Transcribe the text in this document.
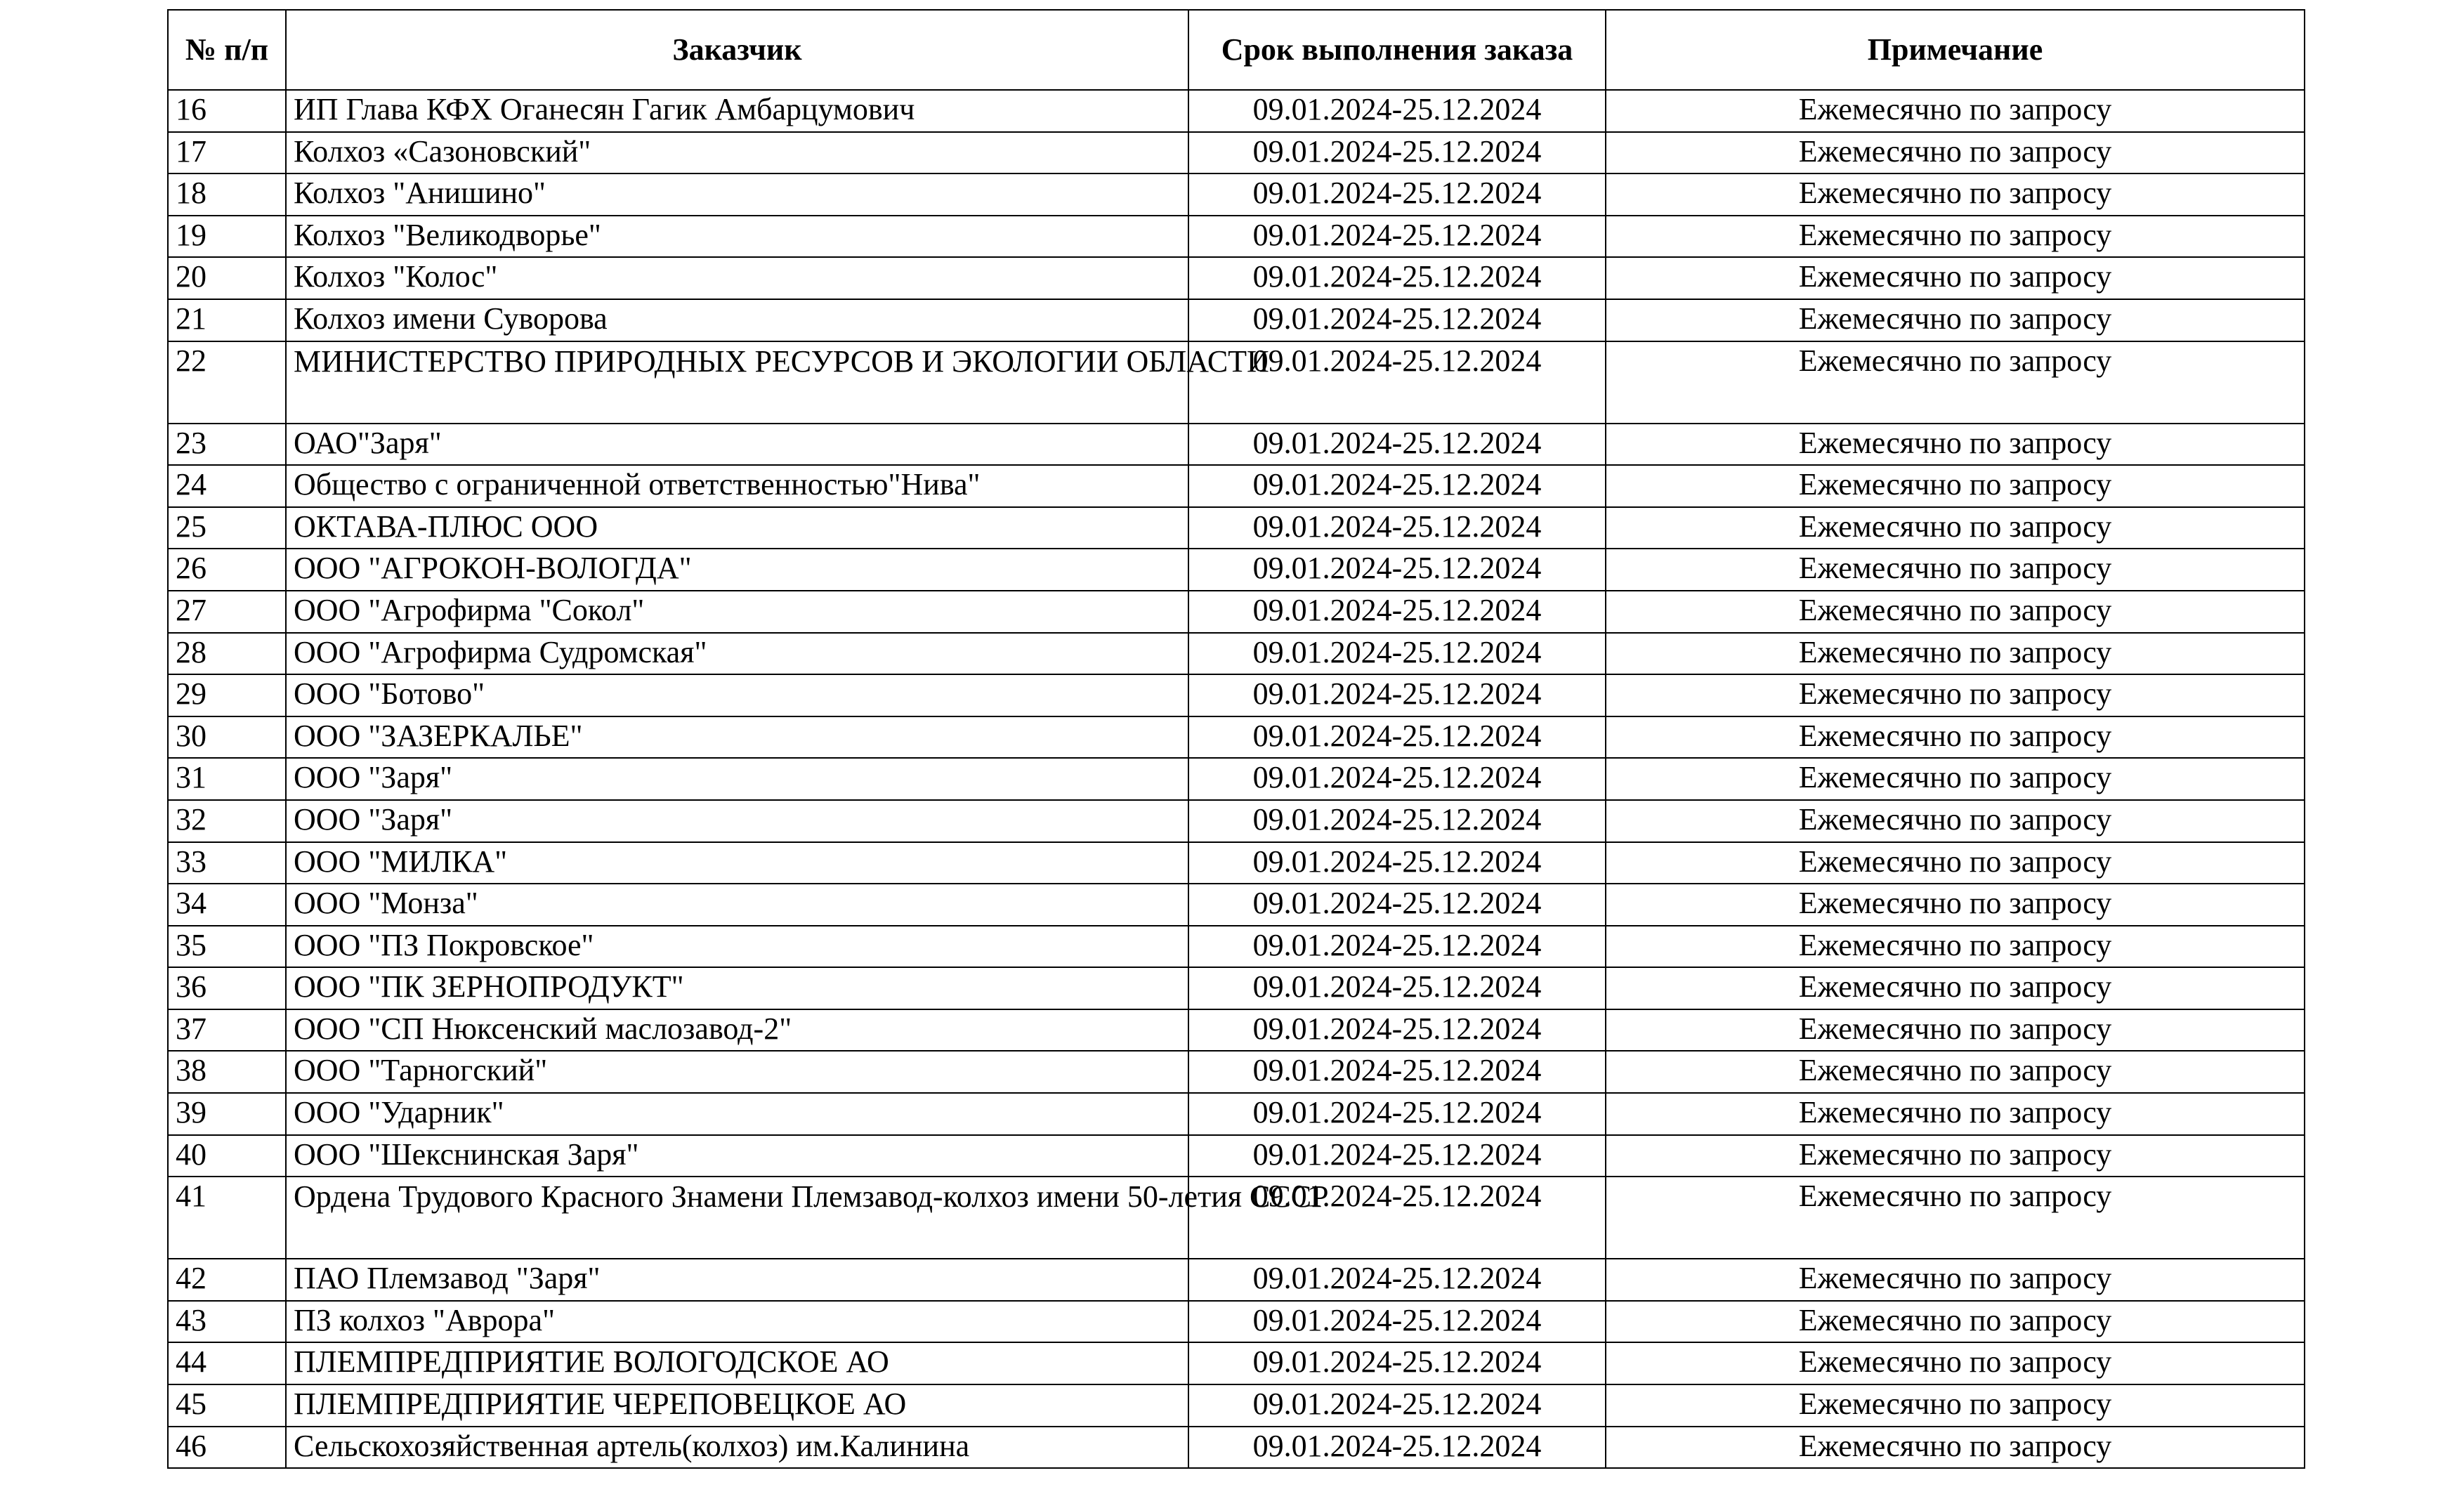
№ п/п	Заказчик	Срок выполнения заказа	Примечание
16	ИП Глава КФХ Оганесян Гагик Амбарцумович	09.01.2024-25.12.2024	Ежемесячно по запросу
17	Колхоз «Сазоновский"	09.01.2024-25.12.2024	Ежемесячно по запросу
18	Колхоз "Анишино"	09.01.2024-25.12.2024	Ежемесячно по запросу
19	Колхоз "Великодворье"	09.01.2024-25.12.2024	Ежемесячно по запросу
20	Колхоз "Колос"	09.01.2024-25.12.2024	Ежемесячно по запросу
21	Колхоз имени Суворова	09.01.2024-25.12.2024	Ежемесячно по запросу
22	МИНИСТЕРСТВО ПРИРОДНЫХ РЕСУРСОВ И ЭКОЛОГИИ ОБЛАСТИ	09.01.2024-25.12.2024	Ежемесячно по запросу
23	ОАО"Заря"	09.01.2024-25.12.2024	Ежемесячно по запросу
24	Общество с ограниченной ответственностью"Нива"	09.01.2024-25.12.2024	Ежемесячно по запросу
25	ОКТАВА-ПЛЮС ООО	09.01.2024-25.12.2024	Ежемесячно по запросу
26	ООО "АГРОКОН-ВОЛОГДА"	09.01.2024-25.12.2024	Ежемесячно по запросу
27	ООО "Агрофирма "Сокол"	09.01.2024-25.12.2024	Ежемесячно по запросу
28	ООО "Агрофирма Судромская"	09.01.2024-25.12.2024	Ежемесячно по запросу
29	ООО "Ботово"	09.01.2024-25.12.2024	Ежемесячно по запросу
30	ООО "ЗАЗЕРКАЛЬЕ"	09.01.2024-25.12.2024	Ежемесячно по запросу
31	ООО "Заря"	09.01.2024-25.12.2024	Ежемесячно по запросу
32	ООО "Заря"	09.01.2024-25.12.2024	Ежемесячно по запросу
33	ООО "МИЛКА"	09.01.2024-25.12.2024	Ежемесячно по запросу
34	ООО "Монза"	09.01.2024-25.12.2024	Ежемесячно по запросу
35	ООО "ПЗ Покровское"	09.01.2024-25.12.2024	Ежемесячно по запросу
36	ООО "ПК ЗЕРНОПРОДУКТ"	09.01.2024-25.12.2024	Ежемесячно по запросу
37	ООО "СП Нюксенский маслозавод-2"	09.01.2024-25.12.2024	Ежемесячно по запросу
38	ООО "Тарногский"	09.01.2024-25.12.2024	Ежемесячно по запросу
39	ООО "Ударник"	09.01.2024-25.12.2024	Ежемесячно по запросу
40	ООО "Шекснинская Заря"	09.01.2024-25.12.2024	Ежемесячно по запросу
41	Ордена Трудового Красного Знамени Племзавод-колхоз имени 50-летия СССР	09.01.2024-25.12.2024	Ежемесячно по запросу
42	ПАО Племзавод "Заря"	09.01.2024-25.12.2024	Ежемесячно по запросу
43	ПЗ колхоз "Аврора"	09.01.2024-25.12.2024	Ежемесячно по запросу
44	ПЛЕМПРЕДПРИЯТИЕ ВОЛОГОДСКОЕ АО	09.01.2024-25.12.2024	Ежемесячно по запросу
45	ПЛЕМПРЕДПРИЯТИЕ ЧЕРЕПОВЕЦКОЕ АО	09.01.2024-25.12.2024	Ежемесячно по запросу
46	Сельскохозяйственная артель(колхоз) им.Калинина	09.01.2024-25.12.2024	Ежемесячно по запросу
